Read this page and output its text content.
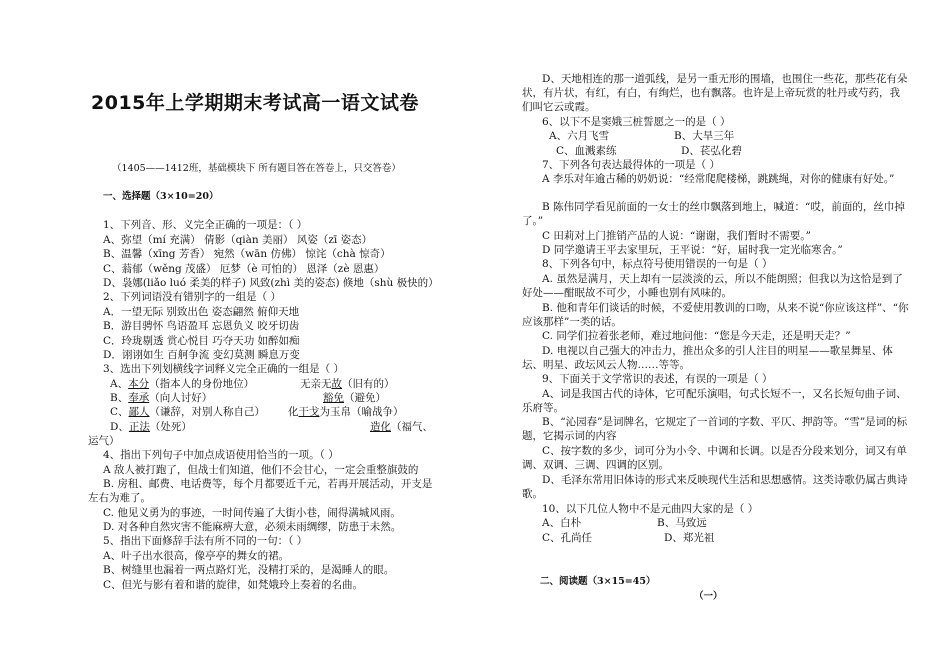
2015年上学期期末考试高一语文试卷
（1405——1412班，基础模块下 所有题目答在答卷上，只交答卷）
一、选择题（3×10=20）
1、下列音、形、义完全正确的一项是：（ ）
A、弥望（mí 充满） 倩影（qiàn 美丽） 风姿（zī 姿态）
B、温馨（xīng 芳香） 宛然（wān 仿佛） 惊诧（chà 惊奇）
C、蓊郁（wěng 茂盛） 厄梦（è 可怕的） 恩泽（zè 恩惠）
D、袅娜(liǎo luó 柔美的样子) 风致(zhì 美的姿态) 倏地（shù 极快的）
2、下列词语没有错别字的一组是（ ）
A．一望无际 别致出色 姿态翩然 俯仰天地
B．游目骋怀 鸟语盈耳 忘恩负义 咬牙切齿
C．玲珑剔透 赏心悦目 巧夺天功 如醉如痴
D．诩诩如生 百舸争流 变幻莫测 瞬息万变
3、选出下列划横线字词释义完全正确的一组是（ ）
A、本分（指本人的身份地位）	无亲无故（旧有的）
B、奉承（向人讨好）	豁免（避免）
C、鄙人（谦辞，对别人称自己） 化干戈为玉帛（喻战争）
D、正法（处死）	造化（福气、
运气）
4、指出下列句子中加点成语使用恰当的一项。（ ）
A 敌人被打跑了，但战士们知道，他们不会甘心，一定会重整旗鼓的
B. 房租、邮费、电话费等，每个月都要近千元，若再开展活动，开支是左右为难了。
C. 他见义勇为的事迹，一时间传遍了大街小巷，闹得满城风雨。
D. 对各种自然灾害不能麻痹大意，必须未雨绸缪，防患于未然。
5、指出下面修辞手法有所不同的一句：（ ）
A、叶子出水很高，像亭亭的舞女的裙。
B、树缝里也漏着一两点路灯光，没精打采的，是渴睡人的眼。
C、但光与影有着和谐的旋律，如梵娥玲上奏着的名曲。
D、天地相连的那一道弧线，是另一重无形的围墙，也围住一些花，那些花有朵状，有片状，有红，有白，有绚烂，也有飘落。也许是上帝玩赏的牡丹或芍药，我们叫它云或霞。
6、以下不是窦娥三桩誓愿之一的是（ ）
A、六月飞雪	B、大旱三年
C、血溅素练	D、苌弘化碧
7、下列各句表达最得体的一项是（ ）
A 李乐对年逾古稀的奶奶说：“经常爬爬楼梯，跳跳绳，对你的健康有好处。”
B 陈伟同学看见前面的一女士的丝巾飘落到地上，喊道：“哎，前面的，丝巾掉了。”
C 田莉对上门推销产品的人说：“谢谢，我们暂时不需要。”
D 同学邀请王平去家里玩，王平说：“好，届时我一定光临寒舍。”
8、下列各句中，标点符号使用错误的一句是（ ）
A. 虽然是满月，天上却有一层淡淡的云，所以不能朗照；但我以为这恰是到了好处——酣眠故不可少，小睡也别有风味的。
B. 他和青年们谈话的时候，不爱使用教训的口吻，从来不说“你应该这样”、“你应该那样”一类的话。
C. 同学们拉着张老师，难过地问他：“您是今天走，还是明天走？”
D. 电视以自己强大的冲击力，推出众多的引人注目的明星——歌星舞星、体坛、明星、政坛风云人物……等等。
9、下面关于文学常识的表述，有误的一项是（ ）
A、词是我国古代的诗体，它可配乐演唱，句式长短不一，又名长短句曲子词、乐府等。
B、“沁园春”是词牌名，它规定了一首词的字数、平仄、押韵等。“雪”是词的标题，它揭示词的内容
C、按字数的多少，词可分为小令、中调和长调。以是否分段来划分，词又有单调、双调、三调、四调的区别。
D、毛泽东常用旧体诗的形式来反映现代生活和思想感情。这类诗歌仍属古典诗歌。
10、以下几位人物中不是元曲四大家的是（ ）
A、白朴	B、马致远
C、孔尚任	D、郑光祖
二、阅读题（3×15=45）
（一）
